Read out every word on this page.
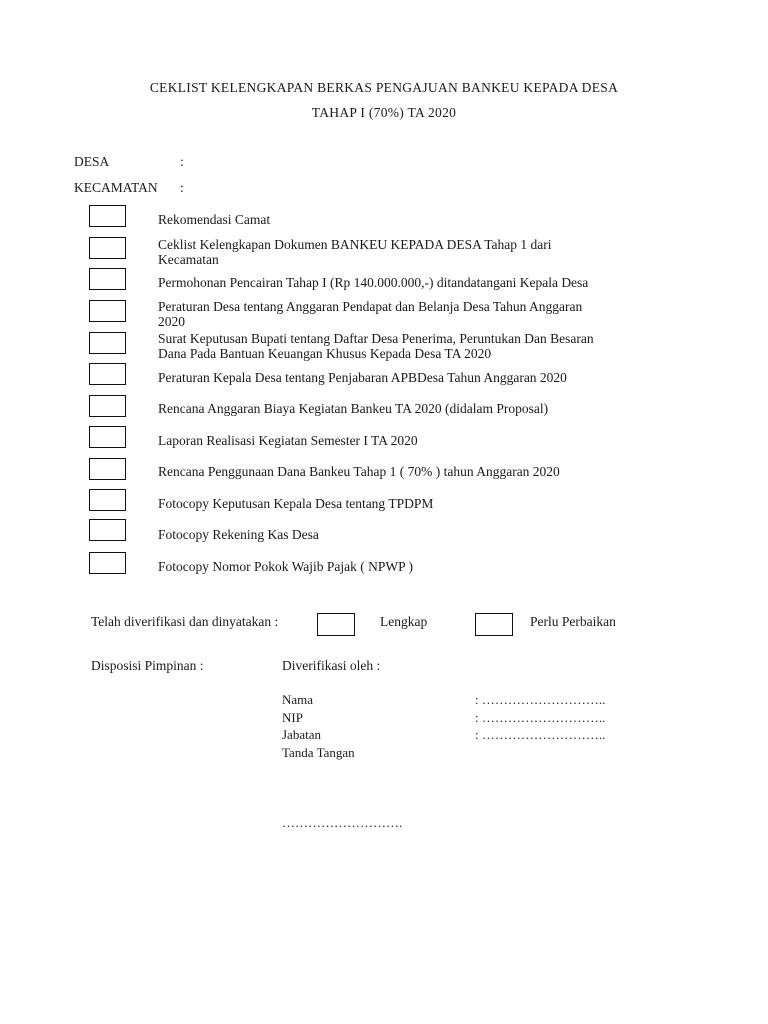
CEKLIST KELENGKAPAN BERKAS PENGAJUAN BANKEU KEPADA DESA
TAHAP I (70%) TA 2020
DESA	:
KECAMATAN :
Rekomendasi Camat
Ceklist Kelengkapan Dokumen BANKEU KEPADA DESA Tahap 1 dari
Kecamatan
Permohonan Pencairan Tahap I (Rp 140.000.000,-) ditandatangani Kepala Desa
Peraturan Desa tentang Anggaran Pendapat dan Belanja Desa Tahun Anggaran
2020
Surat Keputusan Bupati tentang Daftar Desa Penerima, Peruntukan Dan Besaran
Dana Pada Bantuan Keuangan Khusus Kepada Desa TA 2020
Peraturan Kepala Desa tentang Penjabaran APBDesa Tahun Anggaran 2020
Rencana Anggaran Biaya Kegiatan Bankeu TA 2020 (didalam Proposal)
Laporan Realisasi Kegiatan Semester I TA 2020
Rencana Penggunaan Dana Bankeu Tahap 1 ( 70% ) tahun Anggaran 2020
Fotocopy Keputusan Kepala Desa tentang TPDPM
Fotocopy Rekening Kas Desa
Fotocopy Nomor Pokok Wajib Pajak ( NPWP )
Telah diverifikasi dan dinyatakan :	Lengkap	Perlu Perbaikan
Disposisi Pimpinan :	Diverifikasi oleh :
Nama	: ………………………..
NIP	: ………………………..
Jabatan	: ………………………..
Tanda Tangan
……………………….
